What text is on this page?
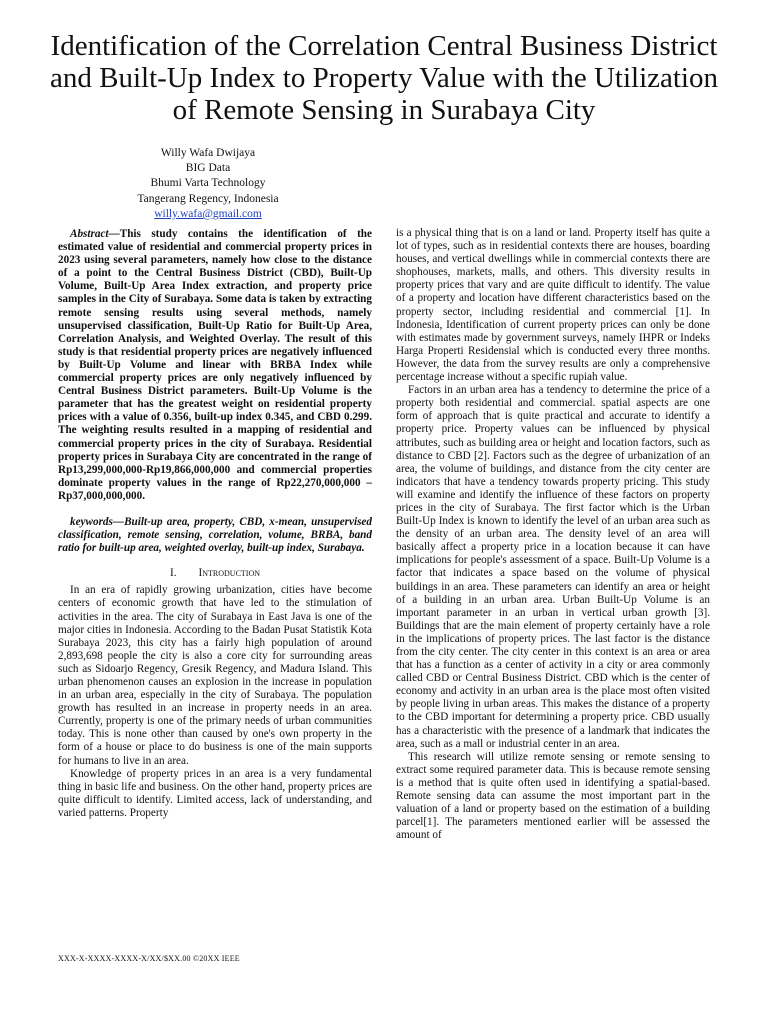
Identification of the Correlation Central Business District and Built-Up Index to Property Value with the Utilization of Remote Sensing in Surabaya City
Willy Wafa Dwijaya
BIG Data
Bhumi Varta Technology
Tangerang Regency, Indonesia
willy.wafa@gmail.com

Abstract—This study contains the identification of the estimated value of residential and commercial property prices in 2023 using several parameters, namely how close to the distance of a point to the Central Business District (CBD), Built-Up Volume, Built-Up Area Index extraction, and property price samples in the City of Surabaya. Some data is taken by extracting remote sensing results using several methods, namely unsupervised classification, Built-Up Ratio for Built-Up Area, Correlation Analysis, and Weighted Overlay. The result of this study is that residential property prices are negatively influenced by Built-Up Volume and linear with BRBA Index while commercial property prices are only negatively influenced by Central Business District parameters. Built-Up Volume is the parameter that has the greatest weight on residential property prices with a value of 0.356, built-up index 0.345, and CBD 0.299. The weighting results resulted in a mapping of residential and commercial property prices in the city of Surabaya. Residential property prices in Surabaya City are concentrated in the range of Rp13,299,000,000-Rp19,866,000,000 and commercial properties dominate property values in the range of Rp22,270,000,000 – Rp37,000,000,000.

keywords—Built-up area, property, CBD, x-mean, unsupervised classification, remote sensing, correlation, volume, BRBA, band ratio for built-up area, weighted overlay, built-up index, Surabaya.

I. Introduction

In an era of rapidly growing urbanization, cities have become centers of economic growth that have led to the stimulation of activities in the area. The city of Surabaya in East Java is one of the major cities in Indonesia. According to the Badan Pusat Statistik Kota Surabaya 2023, this city has a fairly high population of around 2,893,698 people the city is also a core city for surrounding areas such as Sidoarjo Regency, Gresik Regency, and Madura Island. This urban phenomenon causes an explosion in the increase in population in an urban area, especially in the city of Surabaya. The population growth has resulted in an increase in property needs in an area. Currently, property is one of the primary needs of urban communities today. This is none other than caused by one's own property in the form of a house or place to do business is one of the main supports for humans to live in an area.

Knowledge of property prices in an area is a very fundamental thing in basic life and business. On the other hand, property prices are quite difficult to identify. Limited access, lack of understanding, and varied patterns. Property

is a physical thing that is on a land or land. Property itself has quite a lot of types, such as in residential contexts there are houses, boarding houses, and vertical dwellings while in commercial contexts there are shophouses, markets, malls, and others. This diversity results in property prices that vary and are quite difficult to identify. The value of a property and location have different characteristics based on the property sector, including residential and commercial [1]. In Indonesia, Identification of current property prices can only be done with estimates made by government surveys, namely IHPR or Indeks Harga Properti Residensial which is conducted every three months. However, the data from the survey results are only a comprehensive percentage increase without a specific rupiah value.

Factors in an urban area has a tendency to determine the price of a property both residential and commercial. spatial aspects are one form of approach that is quite practical and accurate to identify a property price. Property values can be influenced by physical attributes, such as building area or height and location factors, such as distance to CBD [2]. Factors such as the degree of urbanization of an area, the volume of buildings, and distance from the city center are indicators that have a tendency towards property pricing. This study will examine and identify the influence of these factors on property prices in the city of Surabaya. The first factor which is the Urban Built-Up Index is known to identify the level of an urban area such as the density of an urban area. The density level of an area will basically affect a property price in a location because it can have implications for people's assessment of a space. Built-Up Volume is a factor that indicates a space based on the volume of physical buildings in an area. These parameters can identify an area or height of a building in an urban area. Urban Built-Up Volume is an important parameter in an urban in vertical urban growth [3]. Buildings that are the main element of property certainly have a role in the implications of property prices. The last factor is the distance from the city center. The city center in this context is an area or area that has a function as a center of activity in a city or area commonly called CBD or Central Business District. CBD which is the center of economy and activity in an urban area is the place most often visited by people living in urban areas. This makes the distance of a property to the CBD important for determining a property price. CBD usually has a characteristic with the presence of a landmark that indicates the area, such as a mall or industrial center in an area.

This research will utilize remote sensing or remote sensing to extract some required parameter data. This is because remote sensing is a method that is quite often used in identifying a spatial-based. Remote sensing data can assume the most important part in the valuation of a land or property based on the estimation of a building parcel[1]. The parameters mentioned earlier will be assessed the amount of

XXX-X-XXXX-XXXX-X/XX/$XX.00 ©20XX IEEE
